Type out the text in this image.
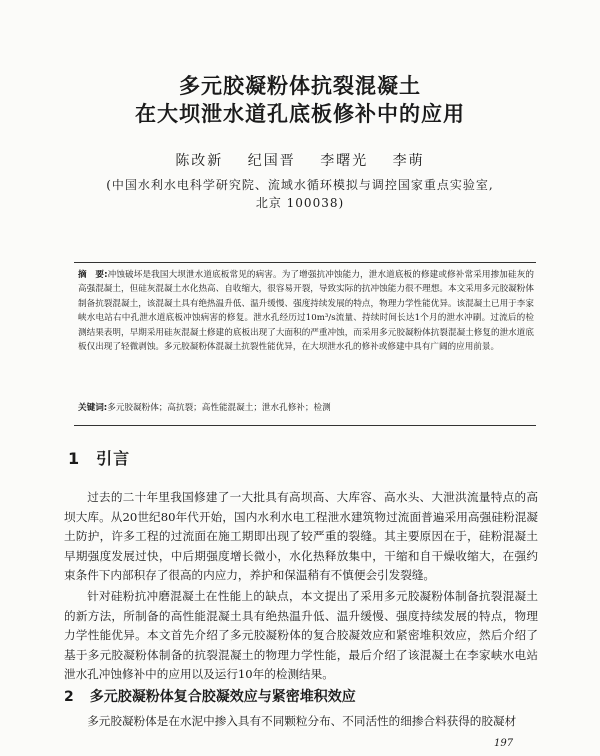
多元胶凝粉体抗裂混凝土
在大坝泄水道孔底板修补中的应用
陈改新 纪国晋 李曙光 李萌
(中国水利水电科学研究院、流域水循环模拟与调控国家重点实验室,
北京 100038)
摘　要:冲蚀破坏是我国大坝泄水道底板常见的病害。为了增强抗冲蚀能力，泄水道底板的修建或修补常采用掺加硅灰的高强混凝土，但硅灰混凝土水化热高、自收缩大，很容易开裂，导致实际的抗冲蚀能力很不理想。本文采用多元胶凝粉体制备抗裂混凝土，该混凝土具有绝热温升低、温升缓慢、强度持续发展的特点，物理力学性能优异。该混凝土已用于李家峡水电站右中孔泄水道底板冲蚀病害的修复。泄水孔经历过10m³/s流量、持续时间长达1个月的泄水冲刷。过流后的检测结果表明，早期采用硅灰混凝土修建的底板出现了大面积的严重冲蚀，而采用多元胶凝粉体抗裂混凝土修复的泄水道底板仅出现了轻微剥蚀。多元胶凝粉体混凝土抗裂性能优异，在大坝泄水孔的修补或修建中具有广阔的应用前景。
关键词:多元胶凝粉体；高抗裂；高性能混凝土；泄水孔修补；检测
1 引言
过去的二十年里我国修建了一大批具有高坝高、大库容、高水头、大泄洪流量特点的高坝大库。从20世纪80年代开始，国内水利水电工程泄水建筑物过流面普遍采用高强硅粉混凝土防护，许多工程的过流面在施工期即出现了较严重的裂缝。其主要原因在于，硅粉混凝土早期强度发展过快，中后期强度增长微小，水化热释放集中，干缩和自干燥收缩大，在强约束条件下内部积存了很高的内应力，养护和保温稍有不慎便会引发裂缝。
针对硅粉抗冲磨混凝土在性能上的缺点，本文提出了采用多元胶凝粉体制备抗裂混凝土的新方法，所制备的高性能混凝土具有绝热温升低、温升缓慢、强度持续发展的特点，物理力学性能优异。本文首先介绍了多元胶凝粉体的复合胶凝效应和紧密堆积效应，然后介绍了基于多元胶凝粉体制备的抗裂混凝土的物理力学性能，最后介绍了该混凝土在李家峡水电站泄水孔冲蚀修补中的应用以及运行10年的检测结果。
2 多元胶凝粉体复合胶凝效应与紧密堆积效应
多元胶凝粉体是在水泥中掺入具有不同颗粒分布、不同活性的细掺合料获得的胶凝材
197
